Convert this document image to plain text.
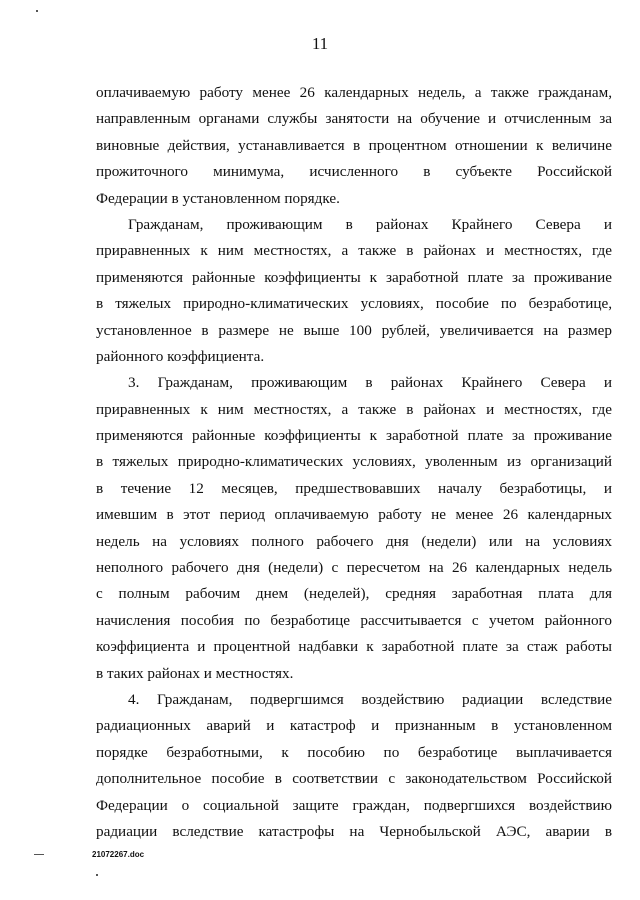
11
оплачиваемую работу менее 26 календарных недель, а также гражданам,
направленным органами службы занятости на обучение и отчисленным за
виновные действия, устанавливается в процентном отношении к величине
прожиточного минимума, исчисленного в субъекте Российской
Федерации в установленном порядке.
Гражданам, проживающим в районах Крайнего Севера и
приравненных к ним местностях, а также в районах и местностях, где
применяются районные коэффициенты к заработной плате за проживание
в тяжелых природно-климатических условиях, пособие по безработице,
установленное в размере не выше 100 рублей, увеличивается на размер
районного коэффициента.
3. Гражданам, проживающим в районах Крайнего Севера и
приравненных к ним местностях, а также в районах и местностях, где
применяются районные коэффициенты к заработной плате за проживание
в тяжелых природно-климатических условиях, уволенным из организаций
в течение 12 месяцев, предшествовавших началу безработицы, и
имевшим в этот период оплачиваемую работу не менее 26 календарных
недель на условиях полного рабочего дня (недели) или на условиях
неполного рабочего дня (недели) с пересчетом на 26 календарных недель
с полным рабочим днем (неделей), средняя заработная плата для
начисления пособия по безработице рассчитывается с учетом районного
коэффициента и процентной надбавки к заработной плате за стаж работы
в таких районах и местностях.
4. Гражданам, подвергшимся воздействию радиации вследствие
радиационных аварий и катастроф и признанным в установленном
порядке безработными, к пособию по безработице выплачивается
дополнительное пособие в соответствии с законодательством Российской
Федерации о социальной защите граждан, подвергшихся воздействию
радиации вследствие катастрофы на Чернобыльской АЭС, аварии в
21072267.doc
